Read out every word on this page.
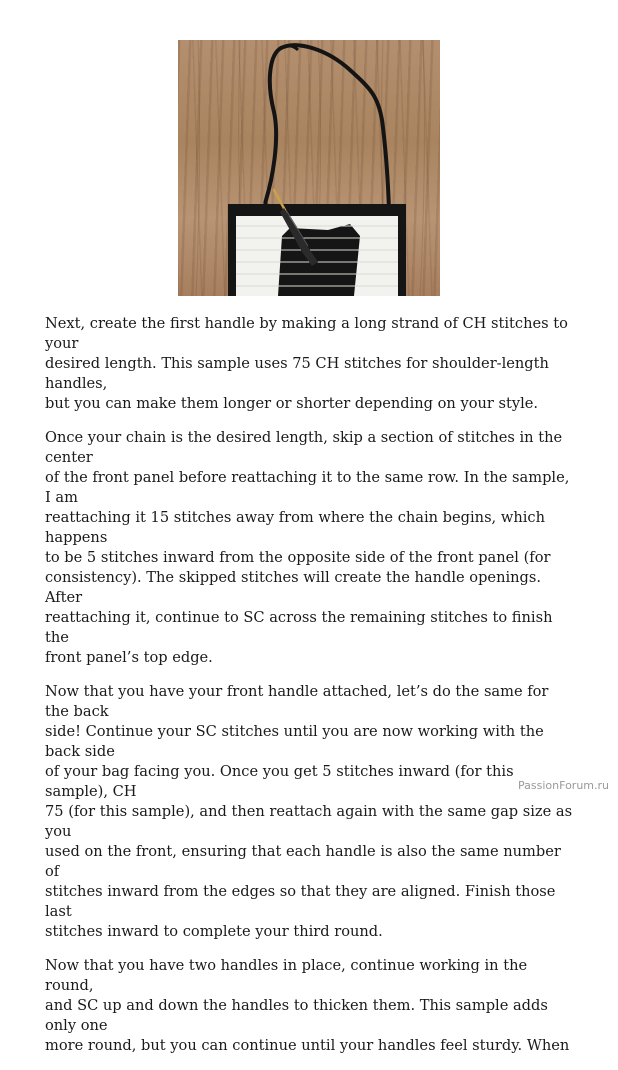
Next, create the first handle by making a long strand of CH stitches to your
desired length. This sample uses 75 CH stitches for shoulder-length handles,
but you can make them longer or shorter depending on your style.

Once your chain is the desired length, skip a section of stitches in the center
of the front panel before reattaching it to the same row. In the sample, I am
reattaching it 15 stitches away from where the chain begins, which happens
to be 5 stitches inward from the opposite side of the front panel (for
consistency). The skipped stitches will create the handle openings. After
reattaching it, continue to SC across the remaining stitches to finish the
front panel’s top edge.

Now that you have your front handle attached, let’s do the same for the back
side! Continue your SC stitches until you are now working with the back side
of your bag facing you. Once you get 5 stitches inward (for this sample), CH
75 (for this sample), and then reattach again with the same gap size as you
used on the front, ensuring that each handle is also the same number of
stitches inward from the edges so that they are aligned. Finish those last
stitches inward to complete your third round.

Now that you have two handles in place, continue working in the round,
and SC up and down the handles to thicken them. This sample adds only one
more round, but you can continue until your handles feel sturdy. When

PassionForum.ru
